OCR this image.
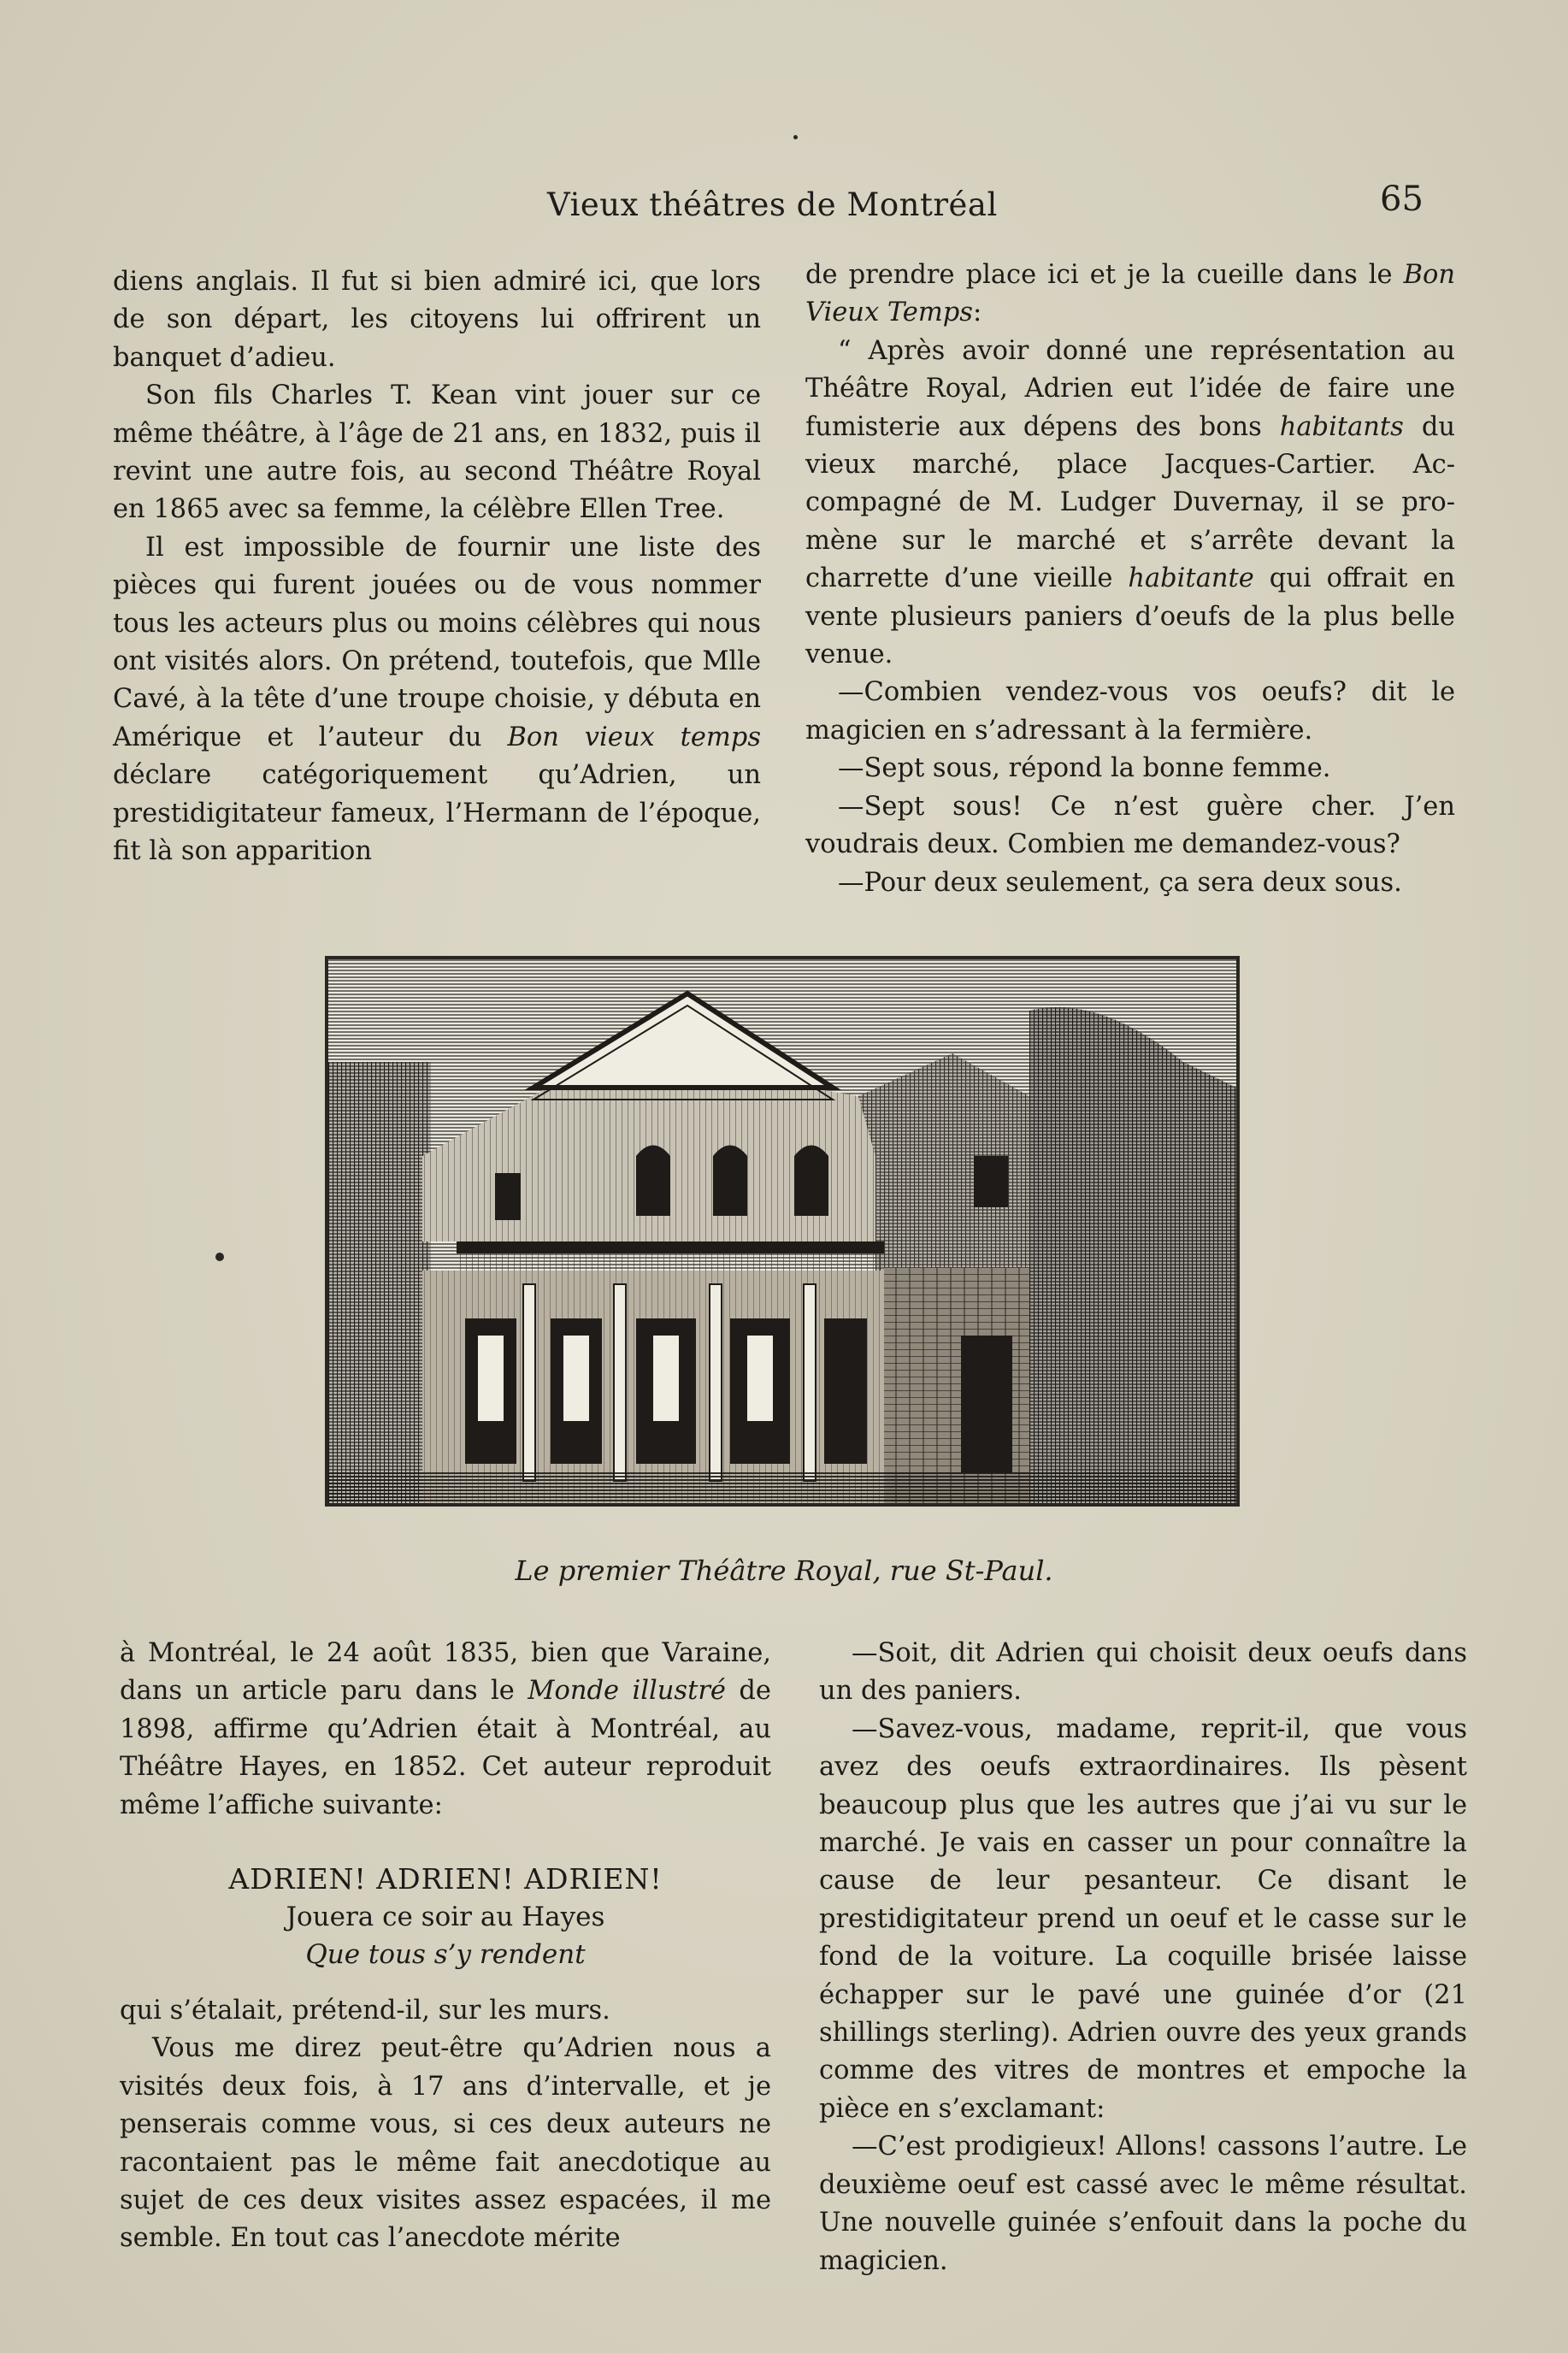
Vieux théâtres de Montréal	65

diens anglais. Il fut si bien admiré ici, que lors de son départ, les citoyens lui offrirent un banquet d’adieu.

Son fils Charles T. Kean vint jouer sur ce même théâtre, à l’âge de 21 ans, en 1832, puis il revint une autre fois, au second Théâtre Royal en 1865 avec sa femme, la célèbre Ellen Tree.

Il est impossible de fournir une liste des pièces qui furent jouées ou de vous nommer tous les acteurs plus ou moins célèbres qui nous ont visités alors. On prétend, toutefois, que Mlle Cavé, à la tête d’une troupe choisie, y débuta en Amérique et l’auteur du Bon vieux temps déclare catégoriquement qu’Adrien, un prestidigitateur fameux, l’Hermann de l’époque, fit là son apparition

de prendre place ici et je la cueille dans le Bon Vieux Temps:

“ Après avoir donné une représentation au Théâtre Royal, Adrien eut l’idée de faire une fumisterie aux dépens des bons habitants du vieux marché, place Jacques-Cartier. Accompagné de M. Ludger Duvernay, il se promène sur le marché et s’arrête devant la charrette d’une vieille habitante qui offrait en vente plusieurs paniers d’oeufs de la plus belle venue.

—Combien vendez-vous vos oeufs? dit le magicien en s’adressant à la fermière.

—Sept sous, répond la bonne femme.

—Sept sous! Ce n’est guère cher. J’en voudrais deux. Combien me demandez-vous?

—Pour deux seulement, ça sera deux sous.

Le premier Théâtre Royal, rue St-Paul.

à Montréal, le 24 août 1835, bien que Varaine, dans un article paru dans le Monde illustré de 1898, affirme qu’Adrien était à Montréal, au Théâtre Hayes, en 1852. Cet auteur reproduit même l’affiche suivante:

ADRIEN! ADRIEN! ADRIEN!
Jouera ce soir au Hayes
Que tous s’y rendent

qui s’étalait, prétend-il, sur les murs.

Vous me direz peut-être qu’Adrien nous a visités deux fois, à 17 ans d’intervalle, et je penserais comme vous, si ces deux auteurs ne racontaient pas le même fait anecdotique au sujet de ces deux visites assez espacées, il me semble. En tout cas l’anecdote mérite

—Soit, dit Adrien qui choisit deux oeufs dans un des paniers.

—Savez-vous, madame, reprit-il, que vous avez des oeufs extraordinaires. Ils pèsent beaucoup plus que les autres que j’ai vu sur le marché. Je vais en casser un pour connaître la cause de leur pesanteur. Ce disant le prestidigitateur prend un oeuf et le casse sur le fond de la voiture. La coquille brisée laisse échapper sur le pavé une guinée d’or (21 shillings sterling). Adrien ouvre des yeux grands comme des vitres de montres et empoche la pièce en s’exclamant:

—C’est prodigieux! Allons! cassons l’autre. Le deuxième oeuf est cassé avec le même résultat. Une nouvelle guinée s’enfouit dans la poche du magicien.
